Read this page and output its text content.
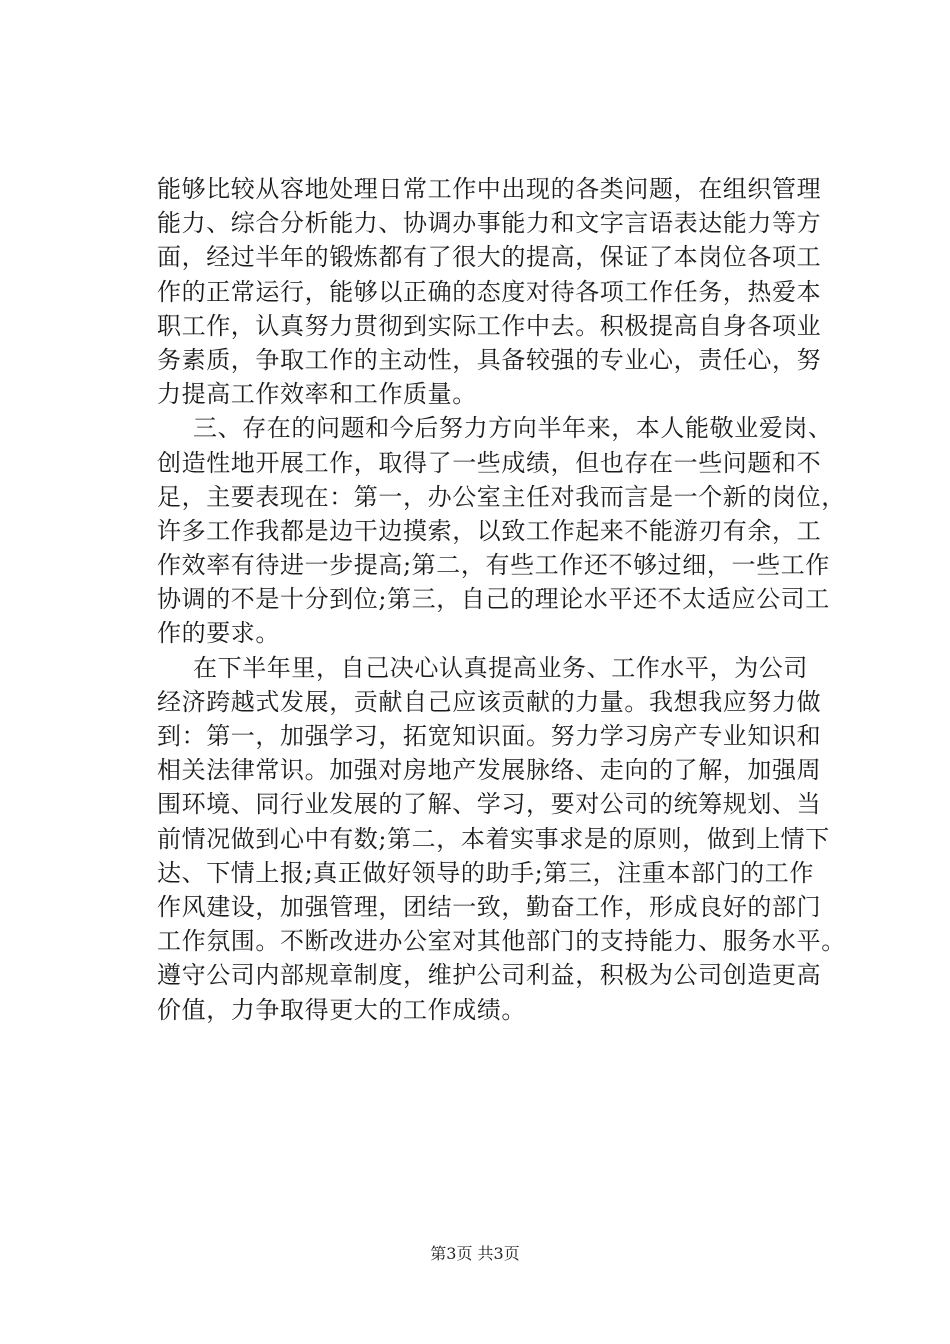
能够比较从容地处理日常工作中出现的各类问题，在组织管理
能力、综合分析能力、协调办事能力和文字言语表达能力等方
面，经过半年的锻炼都有了很大的提高，保证了本岗位各项工
作的正常运行，能够以正确的态度对待各项工作任务，热爱本
职工作，认真努力贯彻到实际工作中去。积极提高自身各项业
务素质，争取工作的主动性，具备较强的专业心，责任心，努
力提高工作效率和工作质量。
三、存在的问题和今后努力方向半年来，本人能敬业爱岗、
创造性地开展工作，取得了一些成绩，但也存在一些问题和不
足，主要表现在：第一，办公室主任对我而言是一个新的岗位，
许多工作我都是边干边摸索，以致工作起来不能游刃有余，工
作效率有待进一步提高;第二，有些工作还不够过细，一些工作
协调的不是十分到位;第三，自己的理论水平还不太适应公司工
作的要求。
在下半年里，自己决心认真提高业务、工作水平，为公司
经济跨越式发展，贡献自己应该贡献的力量。我想我应努力做
到：第一，加强学习，拓宽知识面。努力学习房产专业知识和
相关法律常识。加强对房地产发展脉络、走向的了解，加强周
围环境、同行业发展的了解、学习，要对公司的统筹规划、当
前情况做到心中有数;第二，本着实事求是的原则，做到上情下
达、下情上报;真正做好领导的助手;第三，注重本部门的工作
作风建设，加强管理，团结一致，勤奋工作，形成良好的部门
工作氛围。不断改进办公室对其他部门的支持能力、服务水平。
遵守公司内部规章制度，维护公司利益，积极为公司创造更高
价值，力争取得更大的工作成绩。
第3页 共3页
